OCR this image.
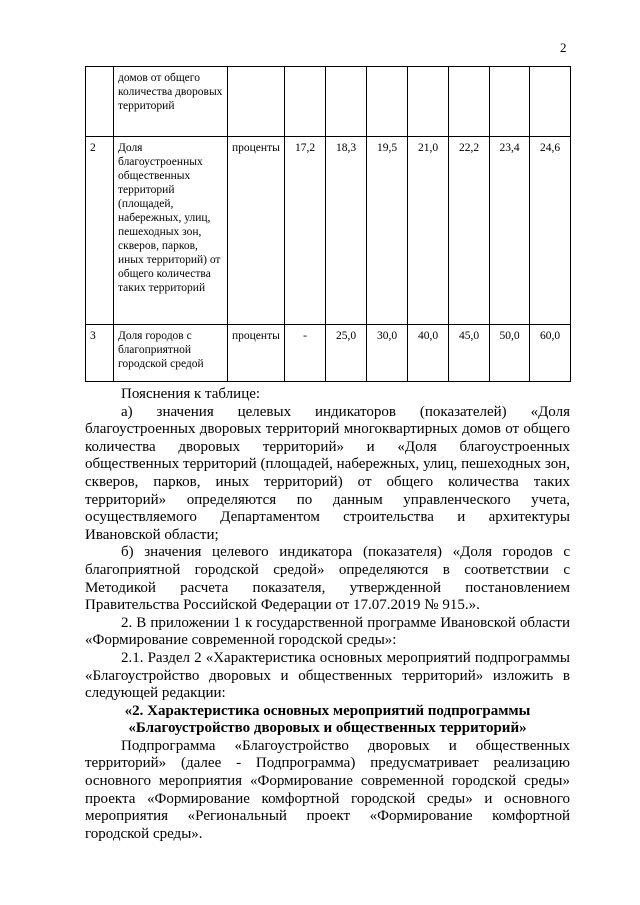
2
	домов от общего количества дворовых территорий								
2	Доля благоустроенных общественных территорий (площадей, набережных, улиц, пешеходных зон, скверов, парков, иных территорий) от общего количества таких территорий	проценты	17,2	18,3	19,5	21,0	22,2	23,4	24,6
3	Доля городов с благоприятной городской средой	проценты	-	25,0	30,0	40,0	45,0	50,0	60,0

Пояснения к таблице:

а) значения целевых индикаторов (показателей) «Доля благоустроенных дворовых территорий многоквартирных домов от общего количества дворовых территорий» и «Доля благоустроенных общественных территорий (площадей, набережных, улиц, пешеходных зон, скверов, парков, иных территорий) от общего количества таких территорий» определяются по данным управленческого учета, осуществляемого Департаментом строительства и архитектуры Ивановской области;

б) значения целевого индикатора (показателя) «Доля городов с благоприятной городской средой» определяются в соответствии с Методикой расчета показателя, утвержденной постановлением Правительства Российской Федерации от 17.07.2019 № 915.».

2. В приложении 1 к государственной программе Ивановской области «Формирование современной городской среды»:

2.1. Раздел 2 «Характеристика основных мероприятий подпрограммы «Благоустройство дворовых и общественных территорий» изложить в следующей редакции:

«2. Характеристика основных мероприятий подпрограммы

«Благоустройство дворовых и общественных территорий»

Подпрограмма «Благоустройство дворовых и общественных территорий» (далее - Подпрограмма) предусматривает реализацию основного мероприятия «Формирование современной городской среды» проекта «Формирование комфортной городской среды» и основного мероприятия «Региональный проект «Формирование комфортной городской среды».
